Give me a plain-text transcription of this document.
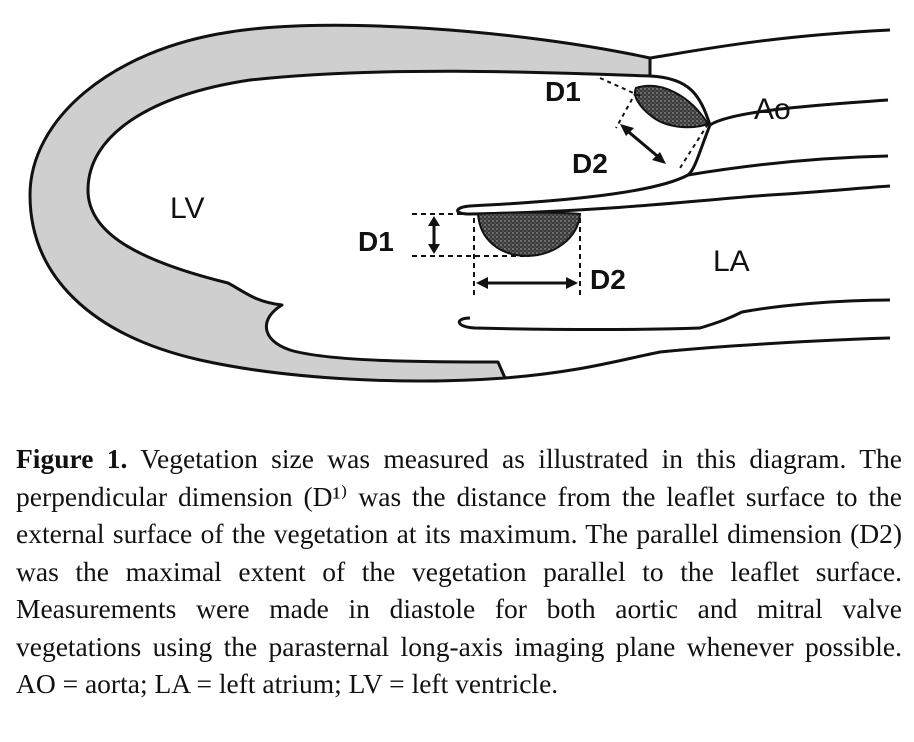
LV
Ao
LA
D1
D2
D1
D2
Figure 1. Vegetation size was measured as illustrated in this diagram. The perpendicular dimension (D¹⁾ was the distance from the leaflet surface to the external surface of the vegetation at its maximum. The parallel dimension (D2) was the maximal extent of the vegetation parallel to the leaflet surface. Measurements were made in diastole for both aortic and mitral valve vegetations using the parasternal long-axis imaging plane whenever possible. AO = aorta; LA = left atrium; LV = left ventricle.
